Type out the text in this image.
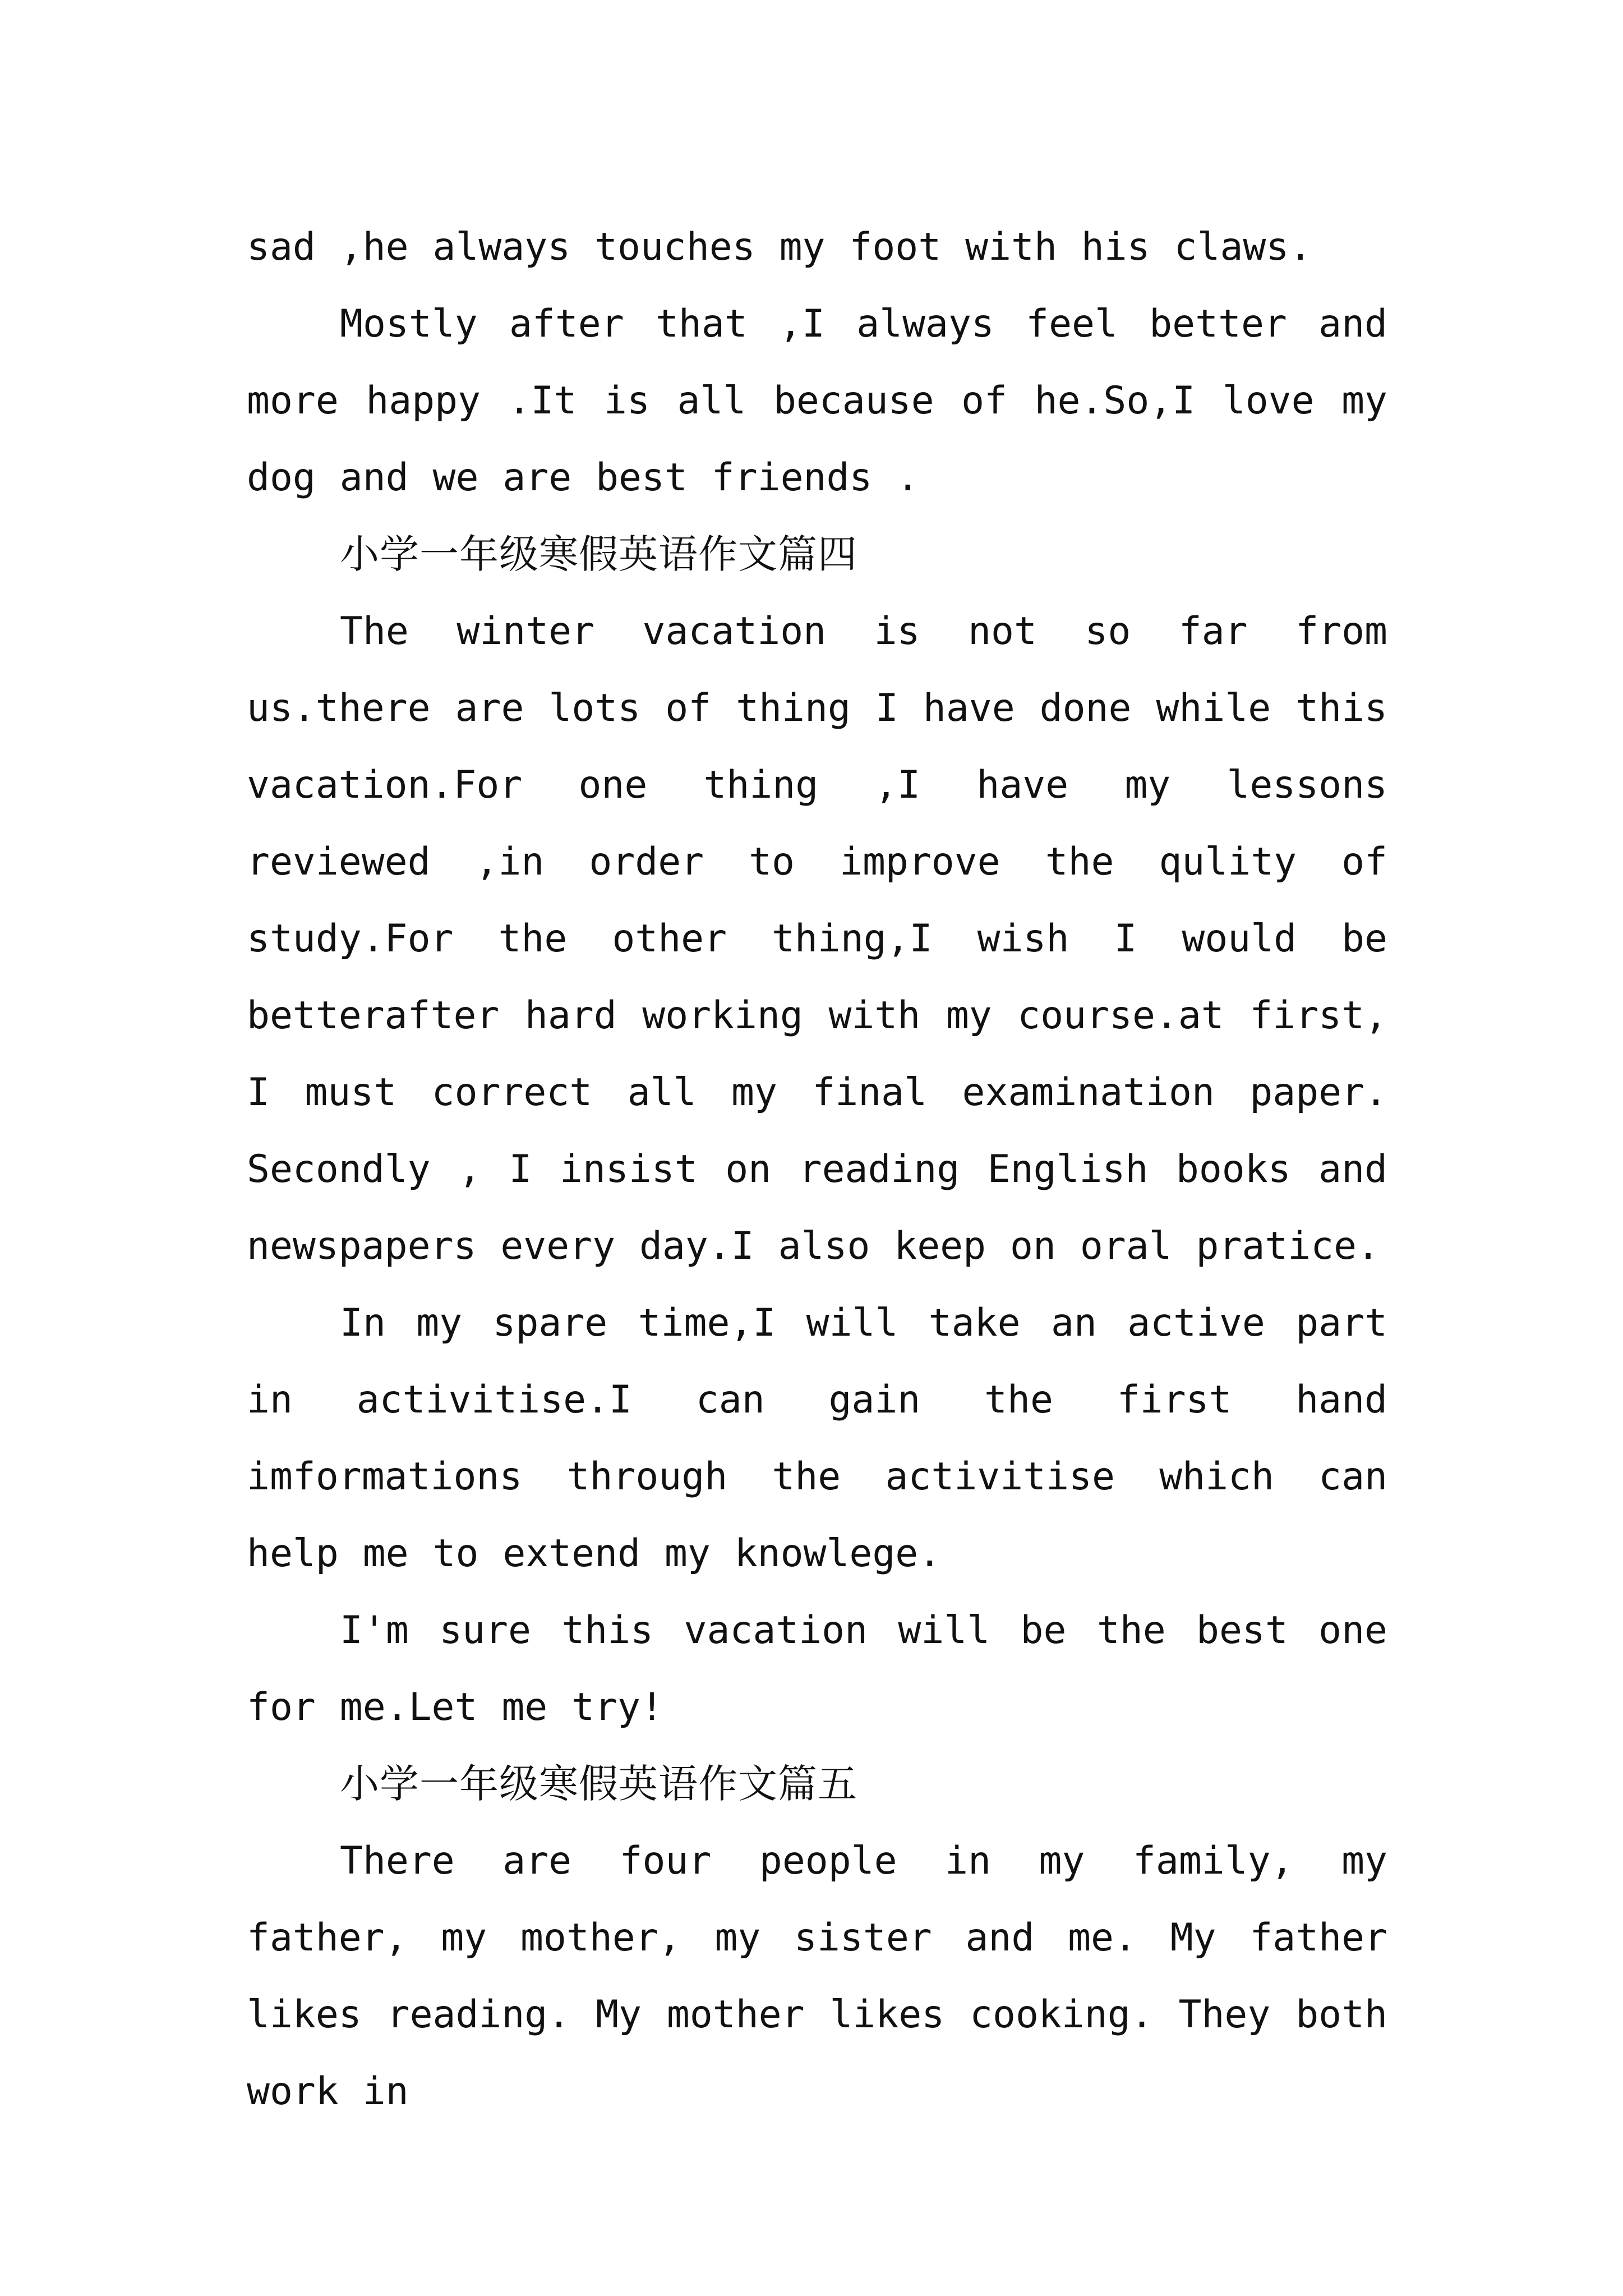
sad ,he always touches my foot with his claws.

Mostly after that ,I always feel better and more happy .It is all because of he.So,I love my dog and we are best friends .

小学一年级寒假英语作文篇四

The winter vacation is not so far from us.there are lots of thing I have done while this vacation.For one thing ,I have my lessons reviewed ,in order to improve the qulity of study.For the other thing,I wish I would be betterafter hard working with my course.at first, I must correct all my final examination paper. Secondly , I insist on reading English books and newspapers every day.I also keep on oral pratice.

In my spare time,I will take an active part in activitise.I can gain the first hand imformations through the activitise which can help me to extend my knowlege.

I'm sure this vacation will be the best one for me.Let me try!

小学一年级寒假英语作文篇五

There are four people in my family, my father, my mother, my sister and me. My father likes reading. My mother likes cooking. They both work in
